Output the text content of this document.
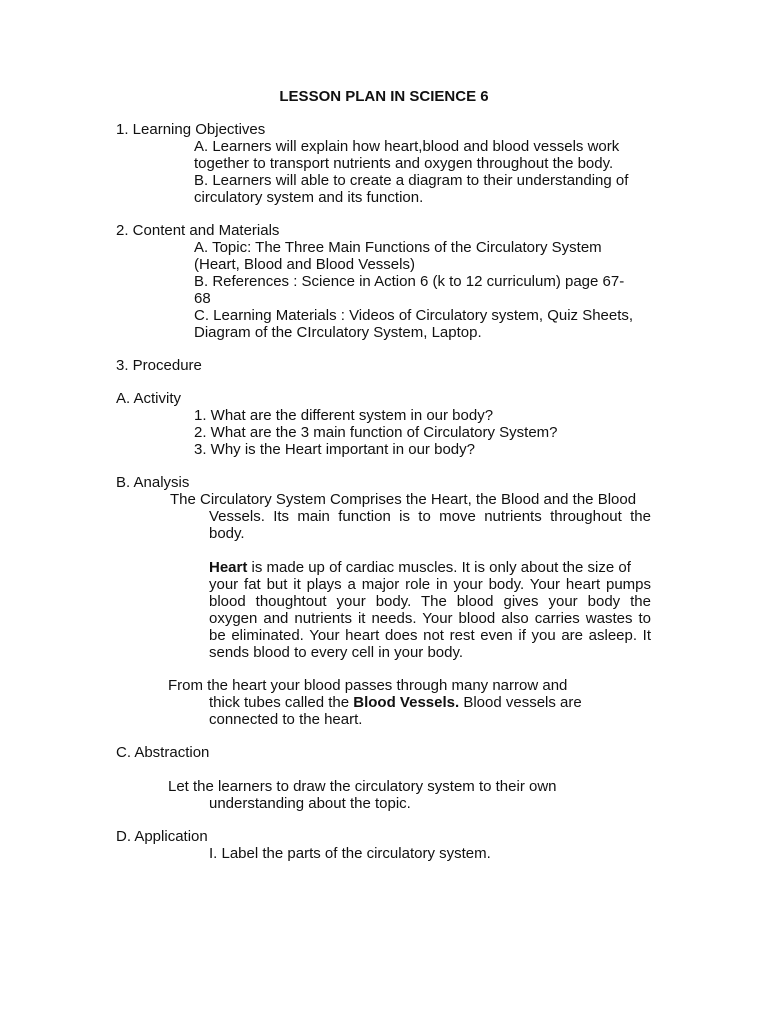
LESSON PLAN IN SCIENCE 6
1. Learning Objectives
A. Learners will explain how heart,blood and blood vessels work
together to transport nutrients and oxygen throughout the body.
B. Learners will able to create a diagram to their understanding of
circulatory system and its function.
2. Content and Materials
A. Topic: The Three Main Functions of the Circulatory System
(Heart, Blood and Blood Vessels)
B. References : Science in Action 6 (k to 12 curriculum) page 67-
68
C. Learning Materials : Videos of Circulatory system, Quiz Sheets,
Diagram of the CIrculatory System, Laptop.
3. Procedure
A. Activity
1. What are the different system in our body?
2. What are the 3 main function of Circulatory System?
3. Why is the Heart important in our body?
B. Analysis
The Circulatory System Comprises the Heart, the Blood and the Blood
Vessels. Its main function is to move nutrients throughout the
body.
Heart is made up of cardiac muscles. It is only about the size of
your fat but it plays a major role in your body. Your heart pumps
blood thoughtout your body. The blood gives your body the
oxygen and nutrients it needs. Your blood also carries wastes to
be eliminated. Your heart does not rest even if you are asleep. It
sends blood to every cell in your body.
From the heart your blood passes through many narrow and
thick tubes called the Blood Vessels. Blood vessels are
connected to the heart.
C. Abstraction
Let the learners to draw the circulatory system to their own
understanding about the topic.
D. Application
I. Label the parts of the circulatory system.
